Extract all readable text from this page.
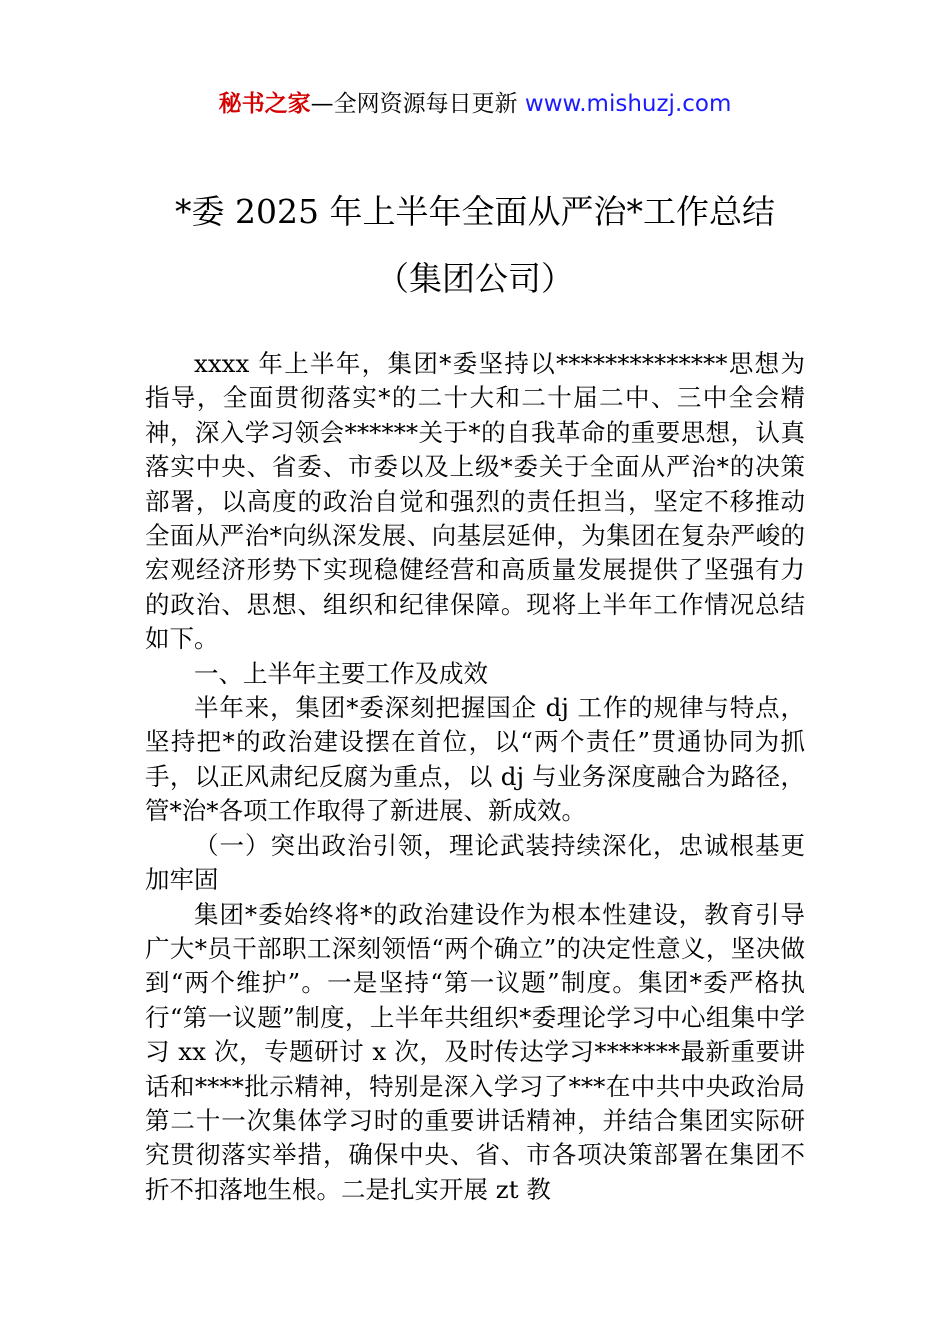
秘书之家—全网资源每日更新 www.mishuzj.com
*委 2025 年上半年全面从严治*工作总结
（集团公司）

xxxx 年上半年，集团*委坚持以**************思想为指导，全面贯彻落实*的二十大和二十届二中、三中全会精神，深入学习领会******关于*的自我革命的重要思想，认真落实中央、省委、市委以及上级*委关于全面从严治*的决策部署，以高度的政治自觉和强烈的责任担当，坚定不移推动全面从严治*向纵深发展、向基层延伸，为集团在复杂严峻的宏观经济形势下实现稳健经营和高质量发展提供了坚强有力的政治、思想、组织和纪律保障。现将上半年工作情况总结如下。

一、上半年主要工作及成效

半年来，集团*委深刻把握国企 dj 工作的规律与特点，坚持把*的政治建设摆在首位，以“两个责任”贯通协同为抓手，以正风肃纪反腐为重点，以 dj 与业务深度融合为路径，管*治*各项工作取得了新进展、新成效。

（一）突出政治引领，理论武装持续深化，忠诚根基更加牢固

集团*委始终将*的政治建设作为根本性建设，教育引导广大*员干部职工深刻领悟“两个确立”的决定性意义，坚决做到“两个维护”。一是坚持“第一议题”制度。集团*委严格执行“第一议题”制度，上半年共组织*委理论学习中心组集中学习 xx 次，专题研讨 x 次，及时传达学习*******最新重要讲话和****批示精神，特别是深入学习了***在中共中央政治局第二十一次集体学习时的重要讲话精神，并结合集团实际研究贯彻落实举措，确保中央、省、市各项决策部署在集团不折不扣落地生根。二是扎实开展 zt 教
